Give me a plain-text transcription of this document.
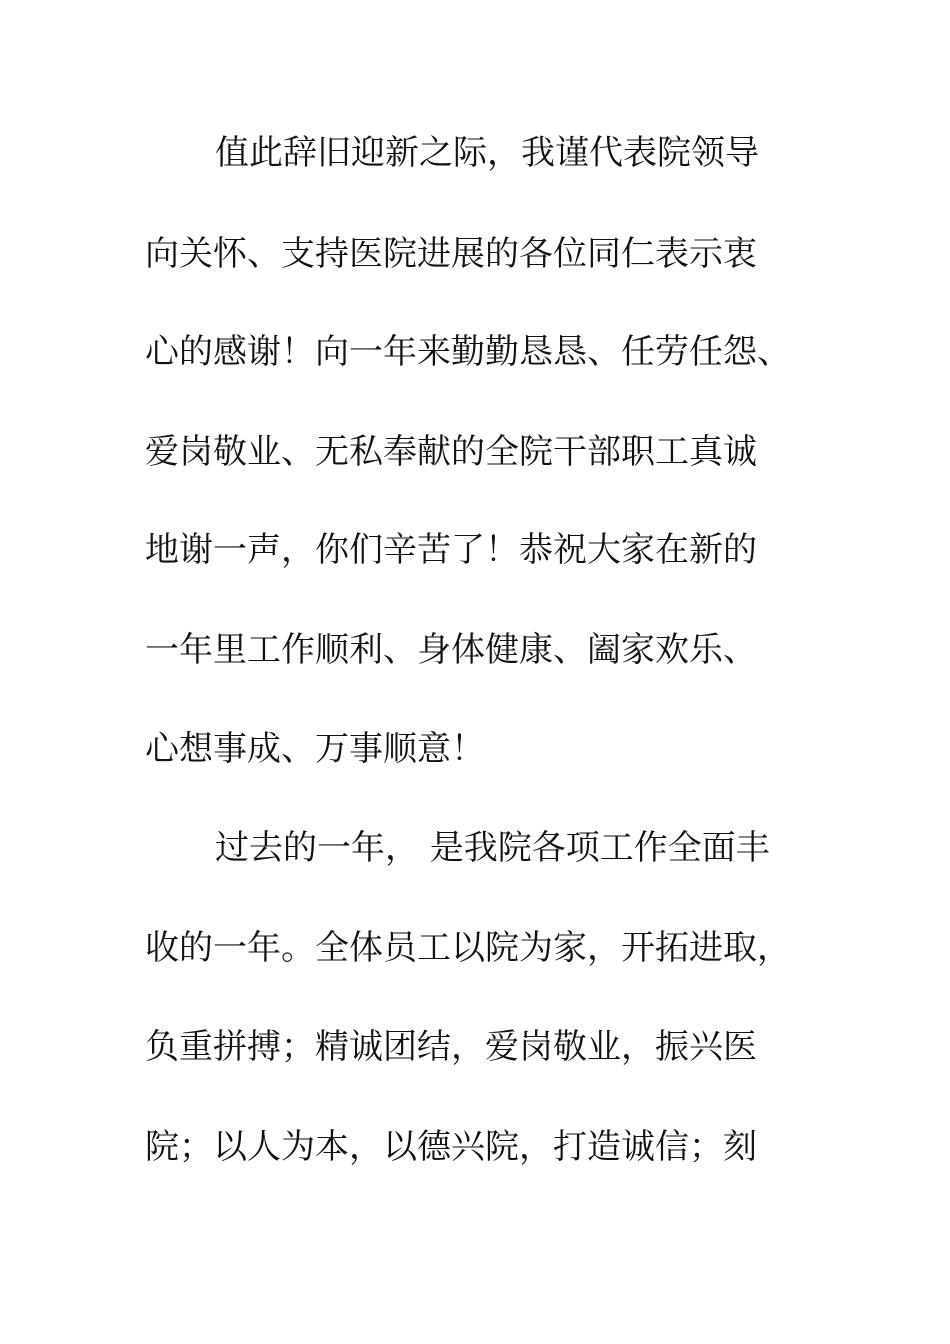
值此辞旧迎新之际，我谨代表院领导
向关怀、支持医院进展的各位同仁表示衷
心的感谢！向一年来勤勤恳恳、任劳任怨、
爱岗敬业、无私奉献的全院干部职工真诚
地谢一声，你们辛苦了！恭祝大家在新的
一年里工作顺利、身体健康、阖家欢乐、
心想事成、万事顺意！
过去的一年， 是我院各项工作全面丰
收的一年。全体员工以院为家，开拓进取，
负重拼搏；精诚团结，爱岗敬业，振兴医
院；以人为本，以德兴院，打造诚信；刻
